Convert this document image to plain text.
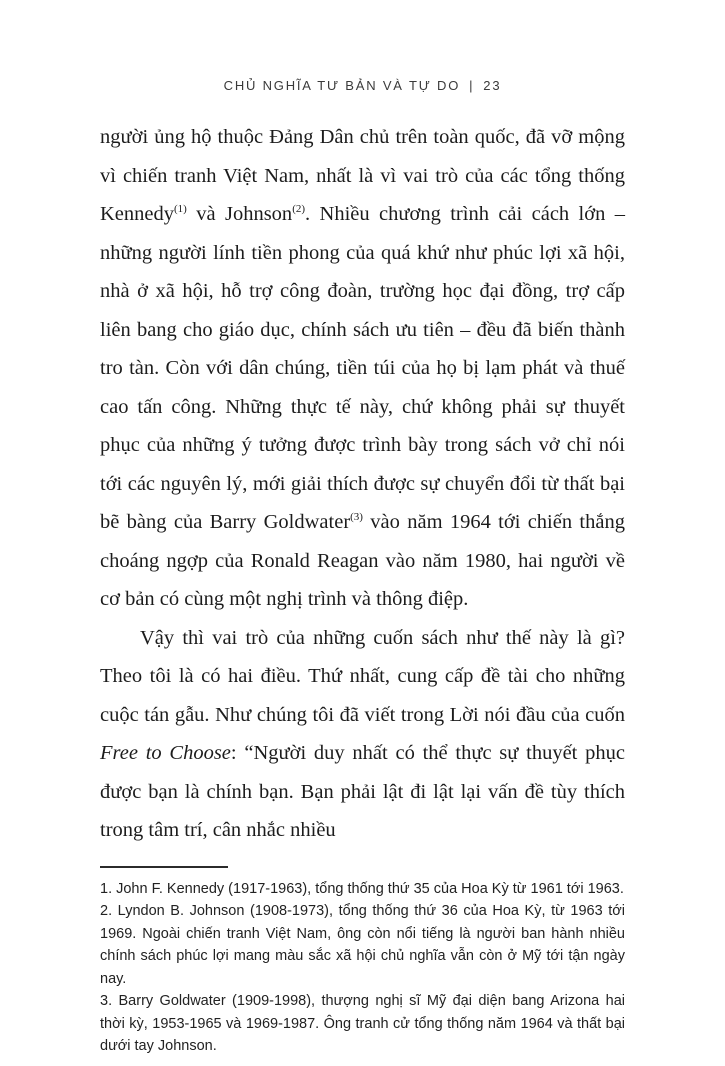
CHỦ NGHĨA TƯ BẢN VÀ TỰ DO | 23

người ủng hộ thuộc Đảng Dân chủ trên toàn quốc, đã vỡ mộng vì chiến tranh Việt Nam, nhất là vì vai trò của các tổng thống Kennedy$^{(1)}$ và Johnson$^{(2)}$. Nhiều chương trình cải cách lớn – những người lính tiền phong của quá khứ như phúc lợi xã hội, nhà ở xã hội, hỗ trợ công đoàn, trường học đại đồng, trợ cấp liên bang cho giáo dục, chính sách ưu tiên – đều đã biến thành tro tàn. Còn với dân chúng, tiền túi của họ bị lạm phát và thuế cao tấn công. Những thực tế này, chứ không phải sự thuyết phục của những ý tưởng được trình bày trong sách vở chỉ nói tới các nguyên lý, mới giải thích được sự chuyển đổi từ thất bại bẽ bàng của Barry Goldwater$^{(3)}$ vào năm 1964 tới chiến thắng choáng ngợp của Ronald Reagan vào năm 1980, hai người về cơ bản có cùng một nghị trình và thông điệp.

Vậy thì vai trò của những cuốn sách như thế này là gì? Theo tôi là có hai điều. Thứ nhất, cung cấp đề tài cho những cuộc tán gẫu. Như chúng tôi đã viết trong Lời nói đầu của cuốn Free to Choose: “Người duy nhất có thể thực sự thuyết phục được bạn là chính bạn. Bạn phải lật đi lật lại vấn đề tùy thích trong tâm trí, cân nhắc nhiều

1. John F. Kennedy (1917-1963), tổng thống thứ 35 của Hoa Kỳ từ 1961 tới 1963.

2. Lyndon B. Johnson (1908-1973), tổng thống thứ 36 của Hoa Kỳ, từ 1963 tới 1969. Ngoài chiến tranh Việt Nam, ông còn nổi tiếng là người ban hành nhiều chính sách phúc lợi mang màu sắc xã hội chủ nghĩa vẫn còn ở Mỹ tới tận ngày nay.

3. Barry Goldwater (1909-1998), thượng nghị sĩ Mỹ đại diện bang Arizona hai thời kỳ, 1953-1965 và 1969-1987. Ông tranh cử tổng thống năm 1964 và thất bại dưới tay Johnson.
